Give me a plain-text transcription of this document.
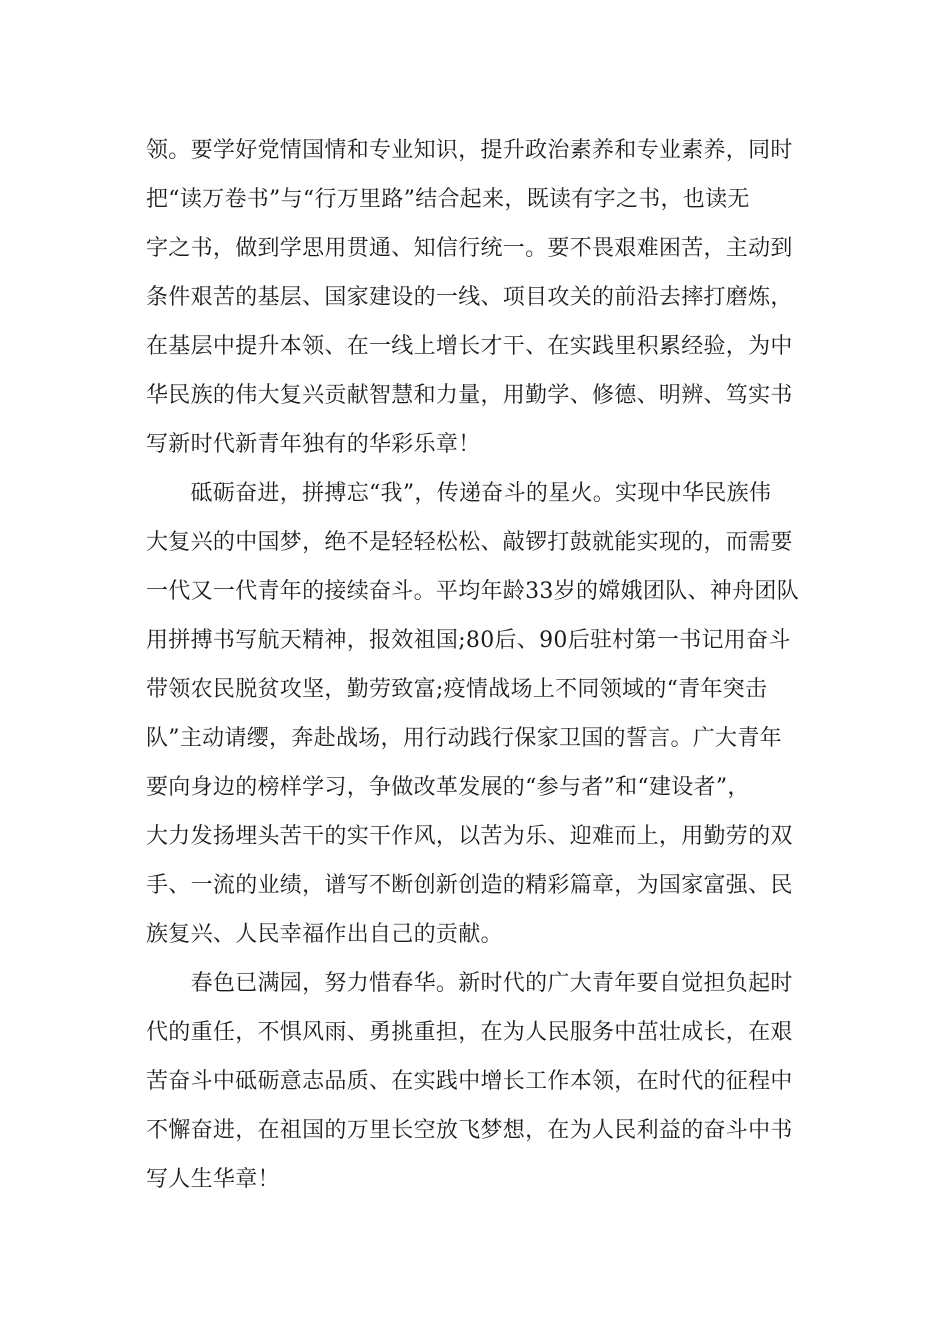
领。要学好党情国情和专业知识，提升政治素养和专业素养，同时
把“读万卷书”与“行万里路”结合起来，既读有字之书，也读无
字之书，做到学思用贯通、知信行统一。要不畏艰难困苦，主动到
条件艰苦的基层、国家建设的一线、项目攻关的前沿去摔打磨炼，
在基层中提升本领、在一线上增长才干、在实践里积累经验，为中
华民族的伟大复兴贡献智慧和力量，用勤学、修德、明辨、笃实书
写新时代新青年独有的华彩乐章！
　　砥砺奋进，拼搏忘“我”，传递奋斗的星火。实现中华民族伟
大复兴的中国梦，绝不是轻轻松松、敲锣打鼓就能实现的，而需要
一代又一代青年的接续奋斗。平均年龄33岁的嫦娥团队、神舟团队
用拼搏书写航天精神，报效祖国;80后、90后驻村第一书记用奋斗
带领农民脱贫攻坚，勤劳致富;疫情战场上不同领域的“青年突击
队”主动请缨，奔赴战场，用行动践行保家卫国的誓言。广大青年
要向身边的榜样学习，争做改革发展的“参与者”和“建设者”，
大力发扬埋头苦干的实干作风，以苦为乐、迎难而上，用勤劳的双
手、一流的业绩，谱写不断创新创造的精彩篇章，为国家富强、民
族复兴、人民幸福作出自己的贡献。
　　春色已满园，努力惜春华。新时代的广大青年要自觉担负起时
代的重任，不惧风雨、勇挑重担，在为人民服务中茁壮成长，在艰
苦奋斗中砥砺意志品质、在实践中增长工作本领，在时代的征程中
不懈奋进，在祖国的万里长空放飞梦想，在为人民利益的奋斗中书
写人生华章！
